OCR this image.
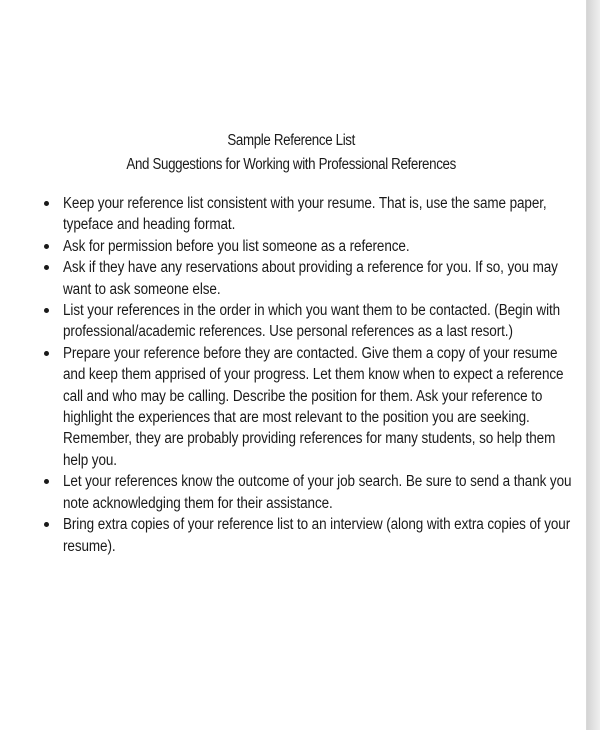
Sample Reference List
And Suggestions for Working with Professional References
Keep your reference list consistent with your resume. That is, use the same paper,
typeface and heading format.
Ask for permission before you list someone as a reference.
Ask if they have any reservations about providing a reference for you. If so, you may
want to ask someone else.
List your references in the order in which you want them to be contacted. (Begin with
professional/academic references. Use personal references as a last resort.)
Prepare your reference before they are contacted. Give them a copy of your resume
and keep them apprised of your progress. Let them know when to expect a reference
call and who may be calling. Describe the position for them. Ask your reference to
highlight the experiences that are most relevant to the position you are seeking.
Remember, they are probably providing references for many students, so help them
help you.
Let your references know the outcome of your job search. Be sure to send a thank you
note acknowledging them for their assistance.
Bring extra copies of your reference list to an interview (along with extra copies of your
resume).
